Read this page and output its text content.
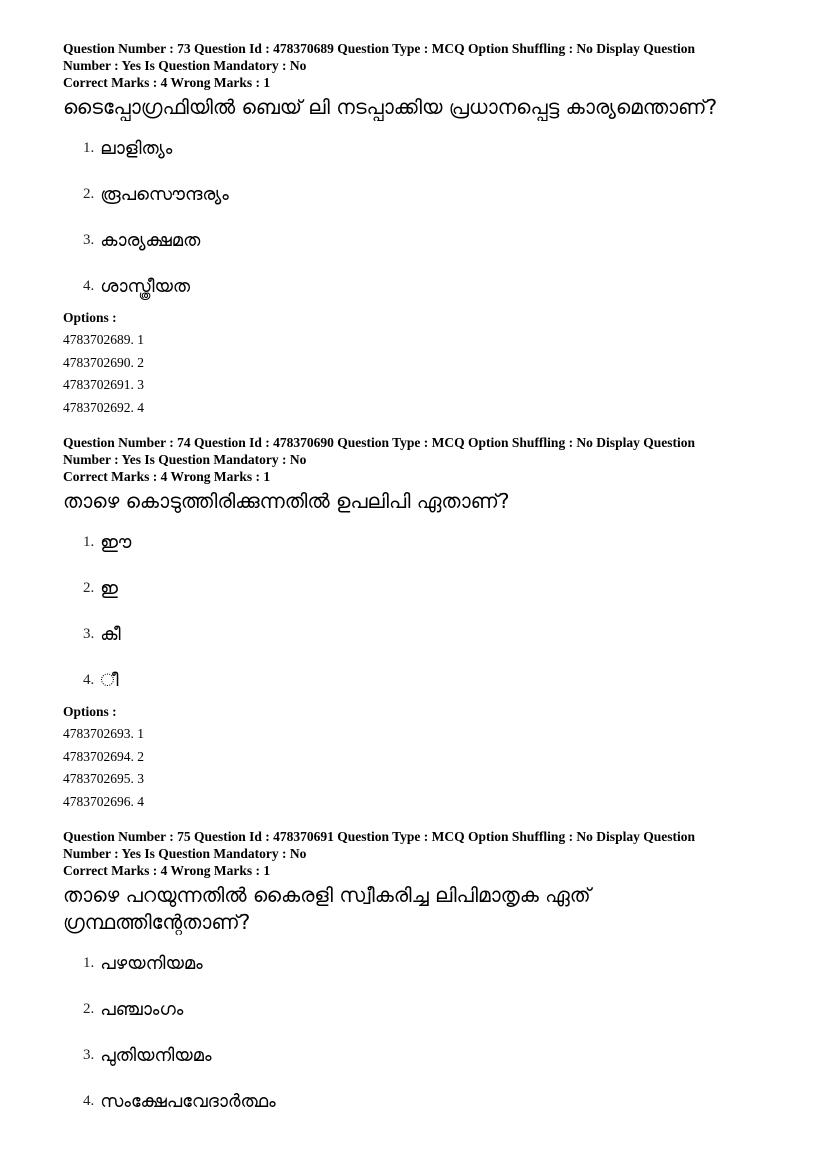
Question Number : 73 Question Id : 478370689 Question Type : MCQ Option Shuffling : No Display Question

Number : Yes Is Question Mandatory : No

Correct Marks : 4 Wrong Marks : 1

ടൈപ്പോഗ്രഫിയിൽ ബെയ്‌ ലി നടപ്പാക്കിയ പ്രധാനപ്പെട്ട കാര്യമെന്താണ്?

1. ലാളിത്യം
2. രൂപസൌന്ദര്യം
3. കാര്യക്ഷമത
4. ശാസ്ത്രീയത

Options :

4783702689. 1

4783702690. 2

4783702691. 3

4783702692. 4

Question Number : 74 Question Id : 478370690 Question Type : MCQ Option Shuffling : No Display Question

Number : Yes Is Question Mandatory : No

Correct Marks : 4 Wrong Marks : 1

താഴെ കൊടുത്തിരിക്കുന്നതിൽ ഉപലിപി ഏതാണ്?

1. ഈ
2. ഇ
3. കീ
4. ീ

Options :

4783702693. 1

4783702694. 2

4783702695. 3

4783702696. 4

Question Number : 75 Question Id : 478370691 Question Type : MCQ Option Shuffling : No Display Question

Number : Yes Is Question Mandatory : No

Correct Marks : 4 Wrong Marks : 1

താഴെ പറയുന്നതിൽ കൈരളി സ്വീകരിച്ച ലിപിമാതൃക ഏത് ഗ്രന്ഥത്തിന്റേതാണ്?

1. പഴയനിയമം
2. പഞ്ചാംഗം
3. പുതിയനിയമം
4. സംക്ഷേപവേദാർത്ഥം
